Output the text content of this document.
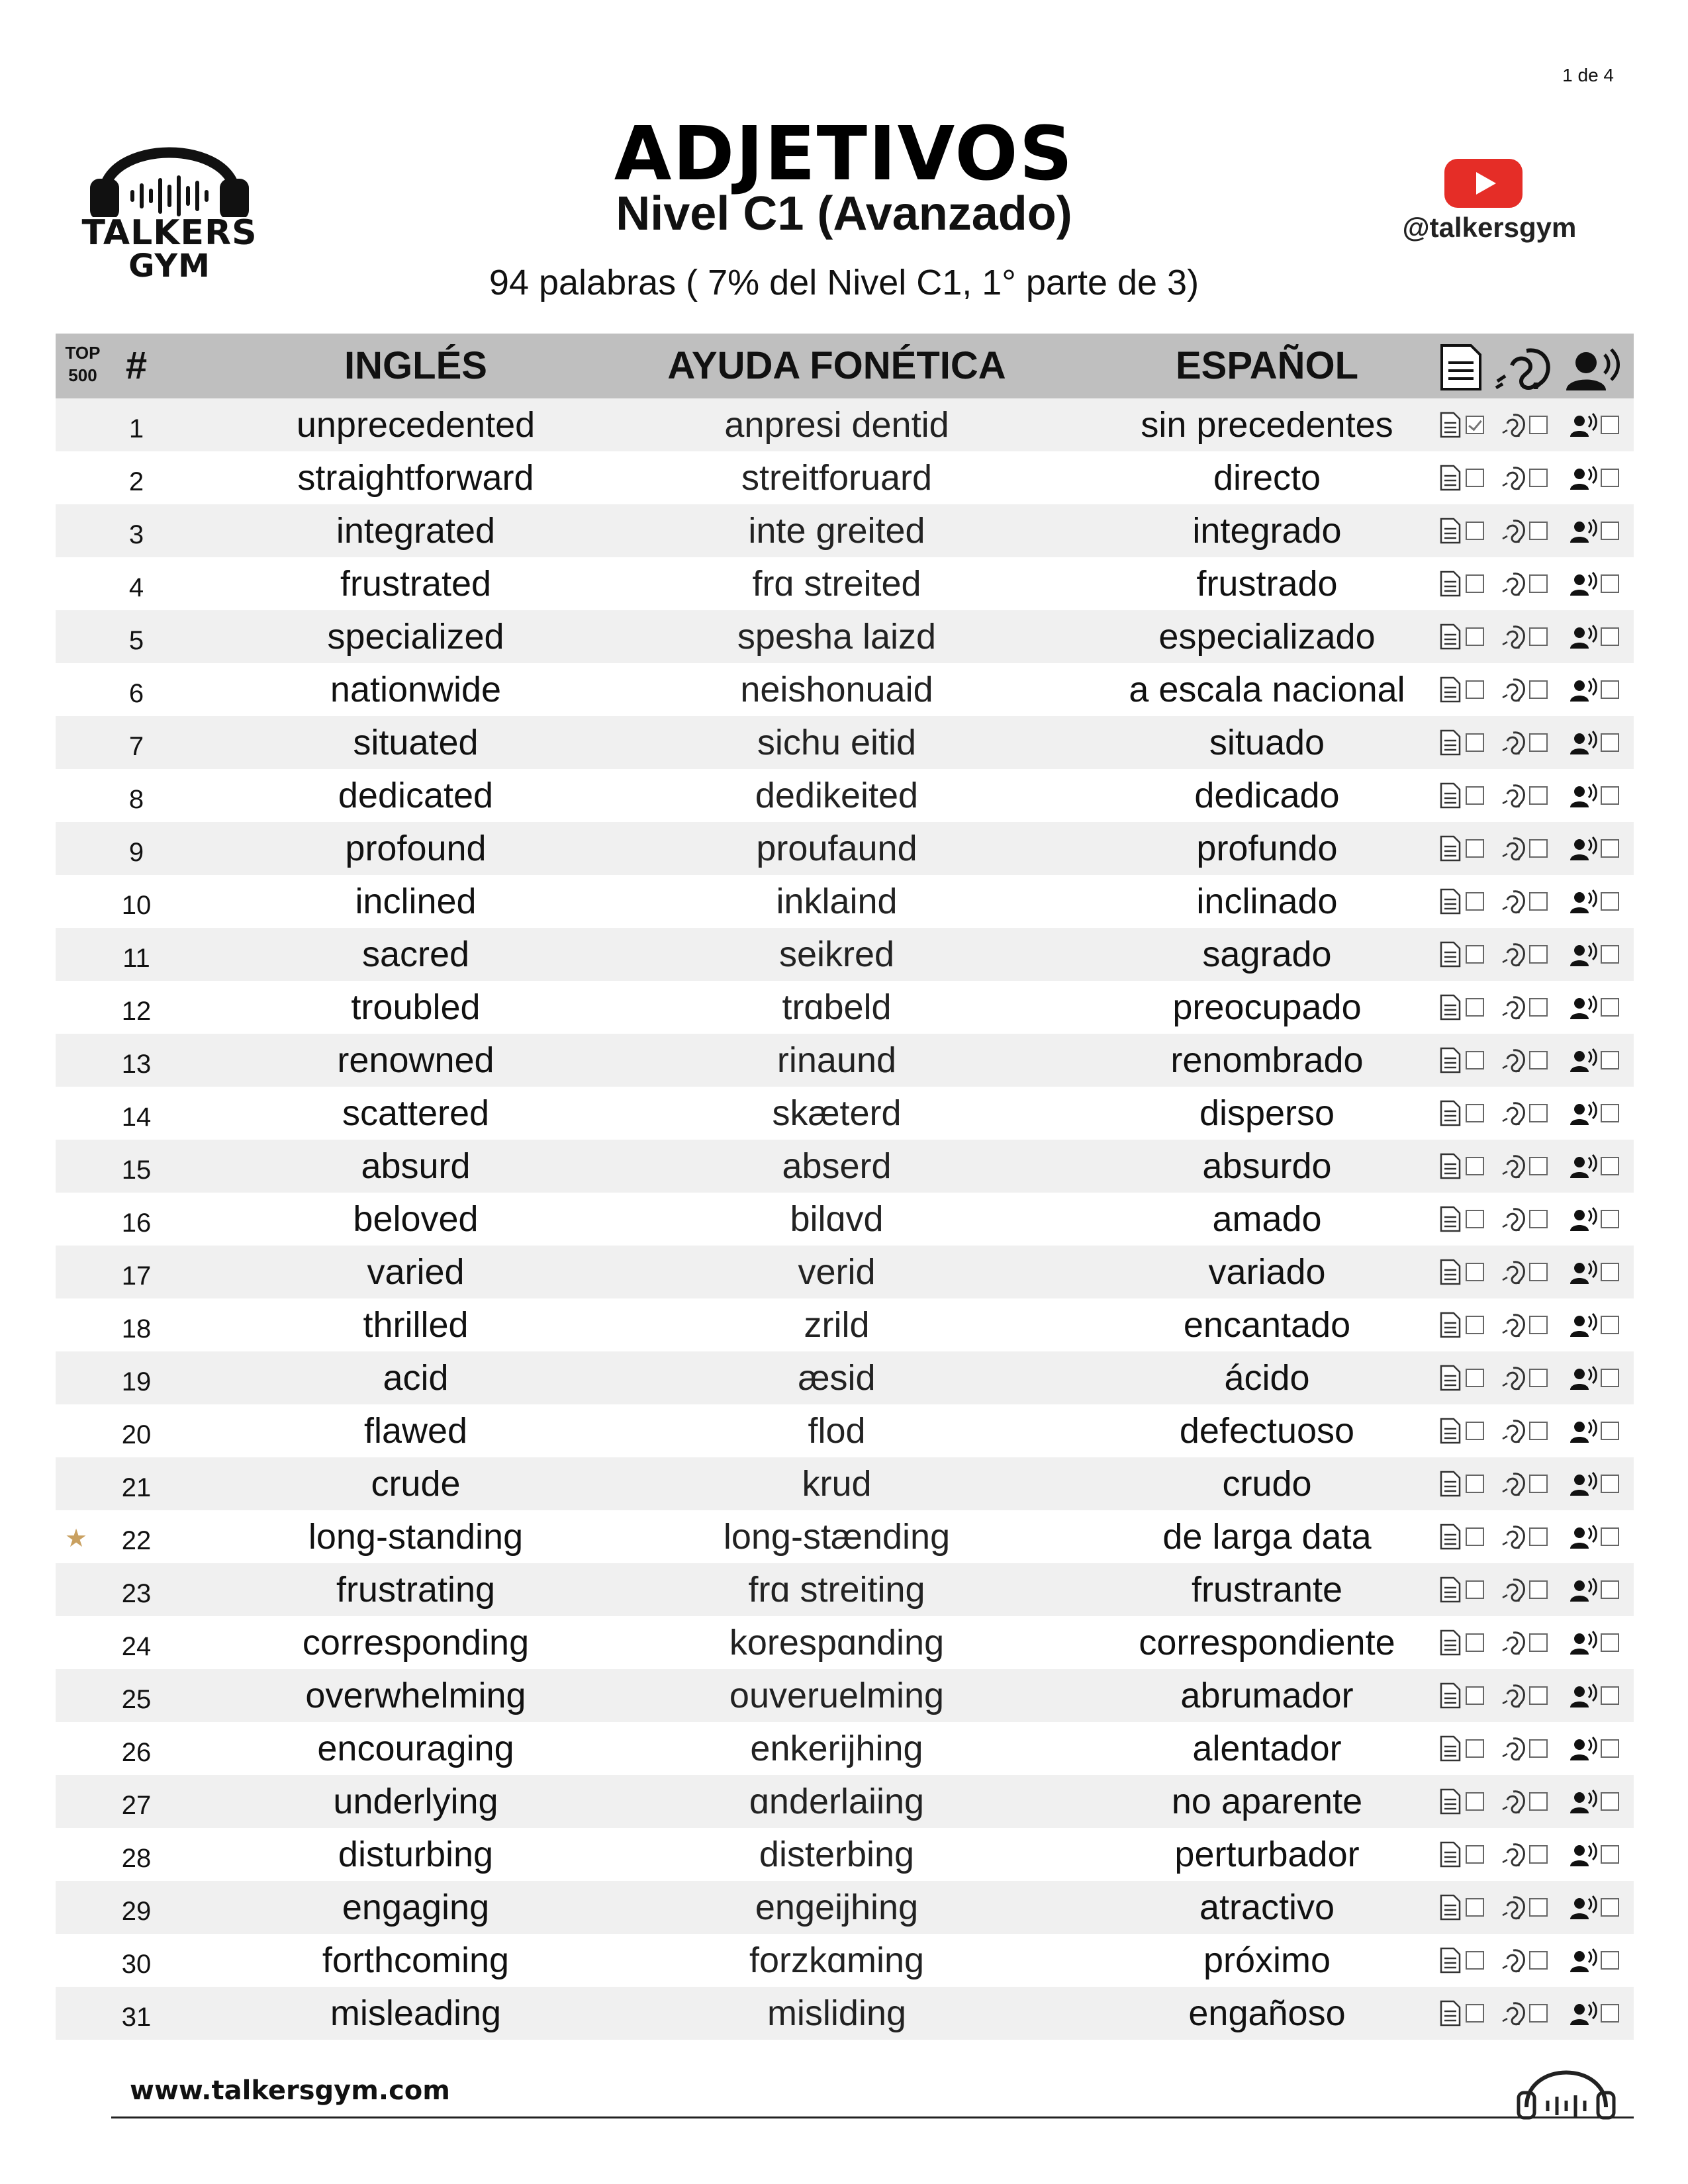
1 de 4
TALKERS
GYM
ADJETIVOS
Nivel C1 (Avanzado)
94 palabras ( 7% del Nivel C1, 1° parte de 3)
@talkersgym
TOP
500 #	INGLÉS	AYUDA FONÉTICA	ESPAÑOL
1	unprecedented	anpresi dentid	sin precedentes
2	straightforward	streitforuard	directo
3	integrated	inte greited	integrado
4	frustrated	frɑ streited	frustrado
5	specialized	spesha laizd	especializado
6	nationwide	neishonuaid	a escala nacional
7	situated	sichu eitid	situado
8	dedicated	dedikeited	dedicado
9	profound	proufaund	profundo
10	inclined	inklaind	inclinado
11	sacred	seikred	sagrado
12	troubled	trɑbeld	preocupado
13	renowned	rinaund	renombrado
14	scattered	skæterd	disperso
15	absurd	abserd	absurdo
16	beloved	bilɑvd	amado
17	varied	verid	variado
18	thrilled	zrild	encantado
19	acid	æsid	ácido
20	flawed	flod	defectuoso
21	crude	krud	crudo
★	22	long-standing	long-stænding	de larga data
23	frustrating	frɑ streiting	frustrante
24	corresponding	korespɑnding	correspondiente
25	overwhelming	ouveruelming	abrumador
26	encouraging	enkerijhing	alentador
27	underlying	ɑnderlaiing	no aparente
28	disturbing	disterbing	perturbador
29	engaging	engeijhing	atractivo
30	forthcoming	forzkɑming	próximo
31	misleading	misliding	engañoso
www.talkersgym.com
